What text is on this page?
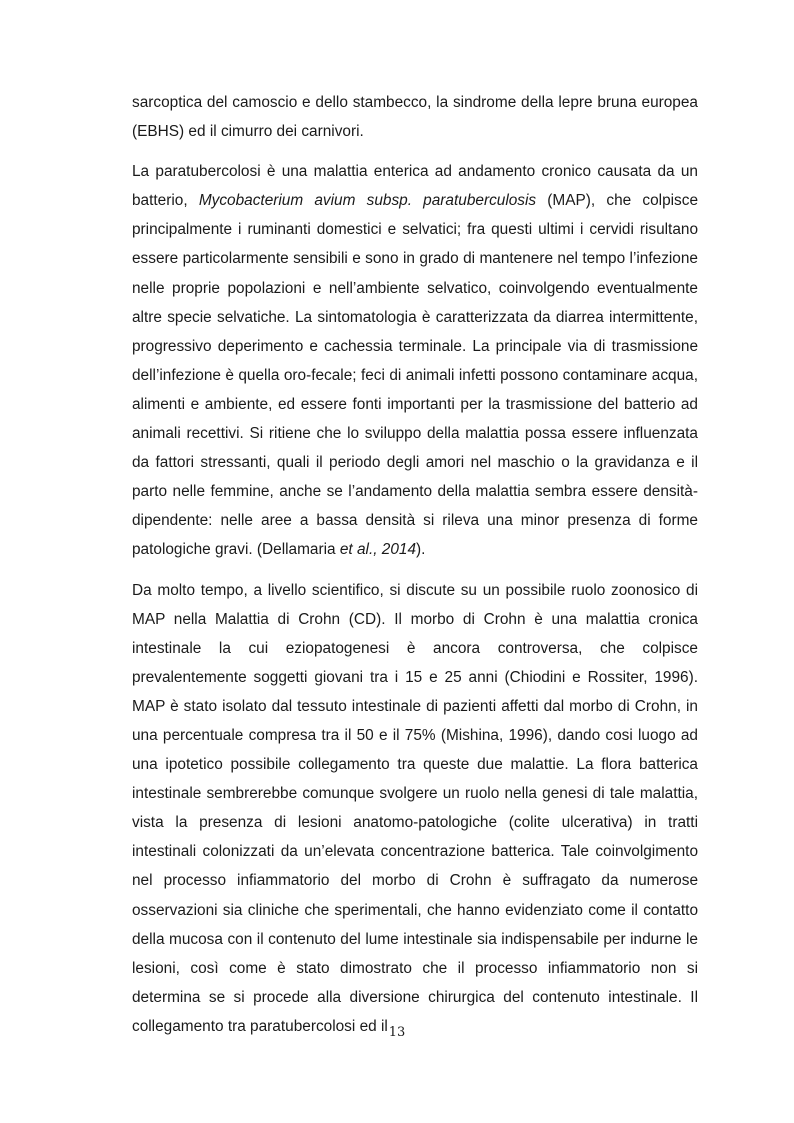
sarcoptica del camoscio e dello stambecco, la sindrome della lepre bruna europea (EBHS) ed il cimurro dei carnivori.

La paratubercolosi è una malattia enterica ad andamento cronico causata da un batterio, Mycobacterium avium subsp. paratuberculosis (MAP), che colpisce principalmente i ruminanti domestici e selvatici; fra questi ultimi i cervidi risultano essere particolarmente sensibili e sono in grado di mantenere nel tempo l’infezione nelle proprie popolazioni e nell’ambiente selvatico, coinvolgendo eventualmente altre specie selvatiche. La sintomatologia è caratterizzata da diarrea intermittente, progressivo deperimento e cachessia terminale. La principale via di trasmissione dell’infezione è quella oro-fecale; feci di animali infetti possono contaminare acqua, alimenti e ambiente, ed essere fonti importanti per la trasmissione del batterio ad animali recettivi. Si ritiene che lo sviluppo della malattia possa essere influenzata da fattori stressanti, quali il periodo degli amori nel maschio o la gravidanza e il parto nelle femmine, anche se l’andamento della malattia sembra essere densità-dipendente: nelle aree a bassa densità si rileva una minor presenza di forme patologiche gravi. (Dellamaria et al., 2014).

Da molto tempo, a livello scientifico, si discute su un possibile ruolo zoonosico di MAP nella Malattia di Crohn (CD). Il morbo di Crohn è una malattia cronica intestinale la cui eziopatogenesi è ancora controversa, che colpisce prevalentemente soggetti giovani tra i 15 e 25 anni (Chiodini e Rossiter, 1996). MAP è stato isolato dal tessuto intestinale di pazienti affetti dal morbo di Crohn, in una percentuale compresa tra il 50 e il 75% (Mishina, 1996), dando cosi luogo ad una ipotetico possibile collegamento tra queste due malattie. La flora batterica intestinale sembrerebbe comunque svolgere un ruolo nella genesi di tale malattia, vista la presenza di lesioni anatomo-patologiche (colite ulcerativa) in tratti intestinali colonizzati da un’elevata concentrazione batterica. Tale coinvolgimento nel processo infiammatorio del morbo di Crohn è suffragato da numerose osservazioni sia cliniche che sperimentali, che hanno evidenziato come il contatto della mucosa con il contenuto del lume intestinale sia indispensabile per indurne le lesioni, così come è stato dimostrato che il processo infiammatorio non si determina se si procede alla diversione chirurgica del contenuto intestinale. Il collegamento tra paratubercolosi ed il 13
